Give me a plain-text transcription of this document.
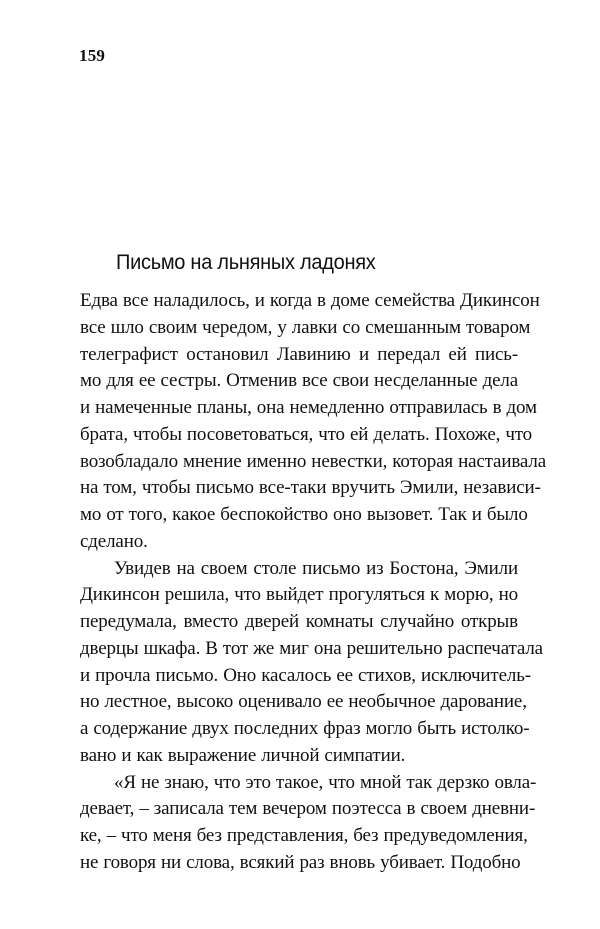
159
Письмо на льняных ладонях
Едва все наладилось, и когда в доме семейства Дикинсон
все шло своим чередом, у лавки со смешанным товаром
телеграфист остановил Лавинию и передал ей пись-
мо для ее сестры. Отменив все свои несделанные дела
и намеченные планы, она немедленно отправилась в дом
брата, чтобы посоветоваться, что ей делать. Похоже, что
возобладало мнение именно невестки, которая настаивала
на том, чтобы письмо все-таки вручить Эмили, независи-
мо от того, какое беспокойство оно вызовет. Так и было
сделано.
Увидев на своем столе письмо из Бостона, Эмили
Дикинсон решила, что выйдет прогуляться к морю, но
передумала, вместо дверей комнаты случайно открыв
дверцы шкафа. В тот же миг она решительно распечатала
и прочла письмо. Оно касалось ее стихов, исключитель-
но лестное, высоко оценивало ее необычное дарование,
а содержание двух последних фраз могло быть истолко-
вано и как выражение личной симпатии.
«Я не знаю, что это такое, что мной так дерзко овла-
девает, – записала тем вечером поэтесса в своем дневни-
ке, – что меня без представления, без предуведомления,
не говоря ни слова, всякий раз вновь убивает. Подобно
